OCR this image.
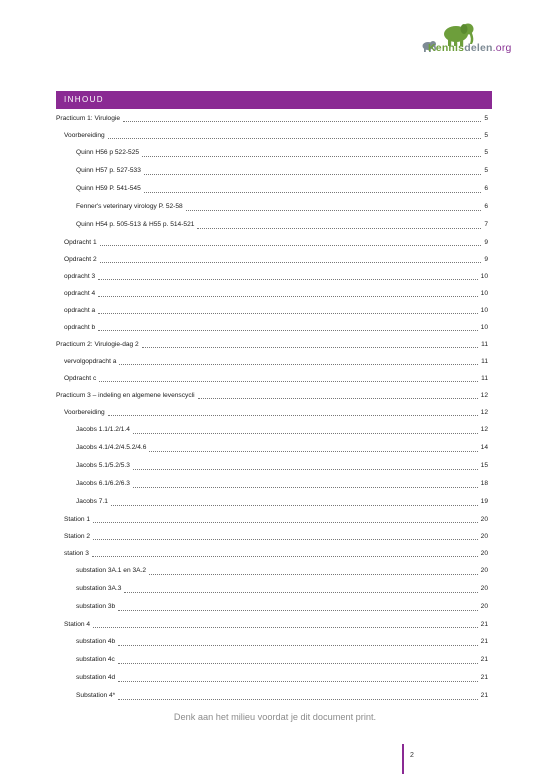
Kennisdelen.org
INHOUD
Practicum 1: Virulogie	5
Voorbereiding	5
Quinn H56 p 522-525	5
Quinn H57 p. 527-533	5
Quinn H59 P. 541-545	6
Fenner's veterinary virology P. 52-58	6
Quinn H54 p. 505-513 & H55 p. 514-521	7
Opdracht 1	9
Opdracht 2	9
opdracht 3	10
opdracht 4	10
opdracht a	10
opdracht b	10
Practicum 2: Virulogie-dag 2	11
vervolgopdracht a	11
Opdracht c	11
Practicum 3 – indeling en algemene levenscycli	12
Voorbereiding	12
Jacobs 1.1/1.2/1.4	12
Jacobs 4.1/4.2/4.5.2/4.6	14
Jacobs 5.1/5.2/5.3	15
Jacobs 6.1/6.2/6.3	18
Jacobs 7.1	19
Station 1	20
Station 2	20
station 3	20
substation 3A.1 en 3A.2	20
substation 3A.3	20
substation 3b	20
Station 4	21
substation 4b	21
substation 4c	21
substation 4d	21
Substation 4*	21
Denk aan het milieu voordat je dit document print.
2
